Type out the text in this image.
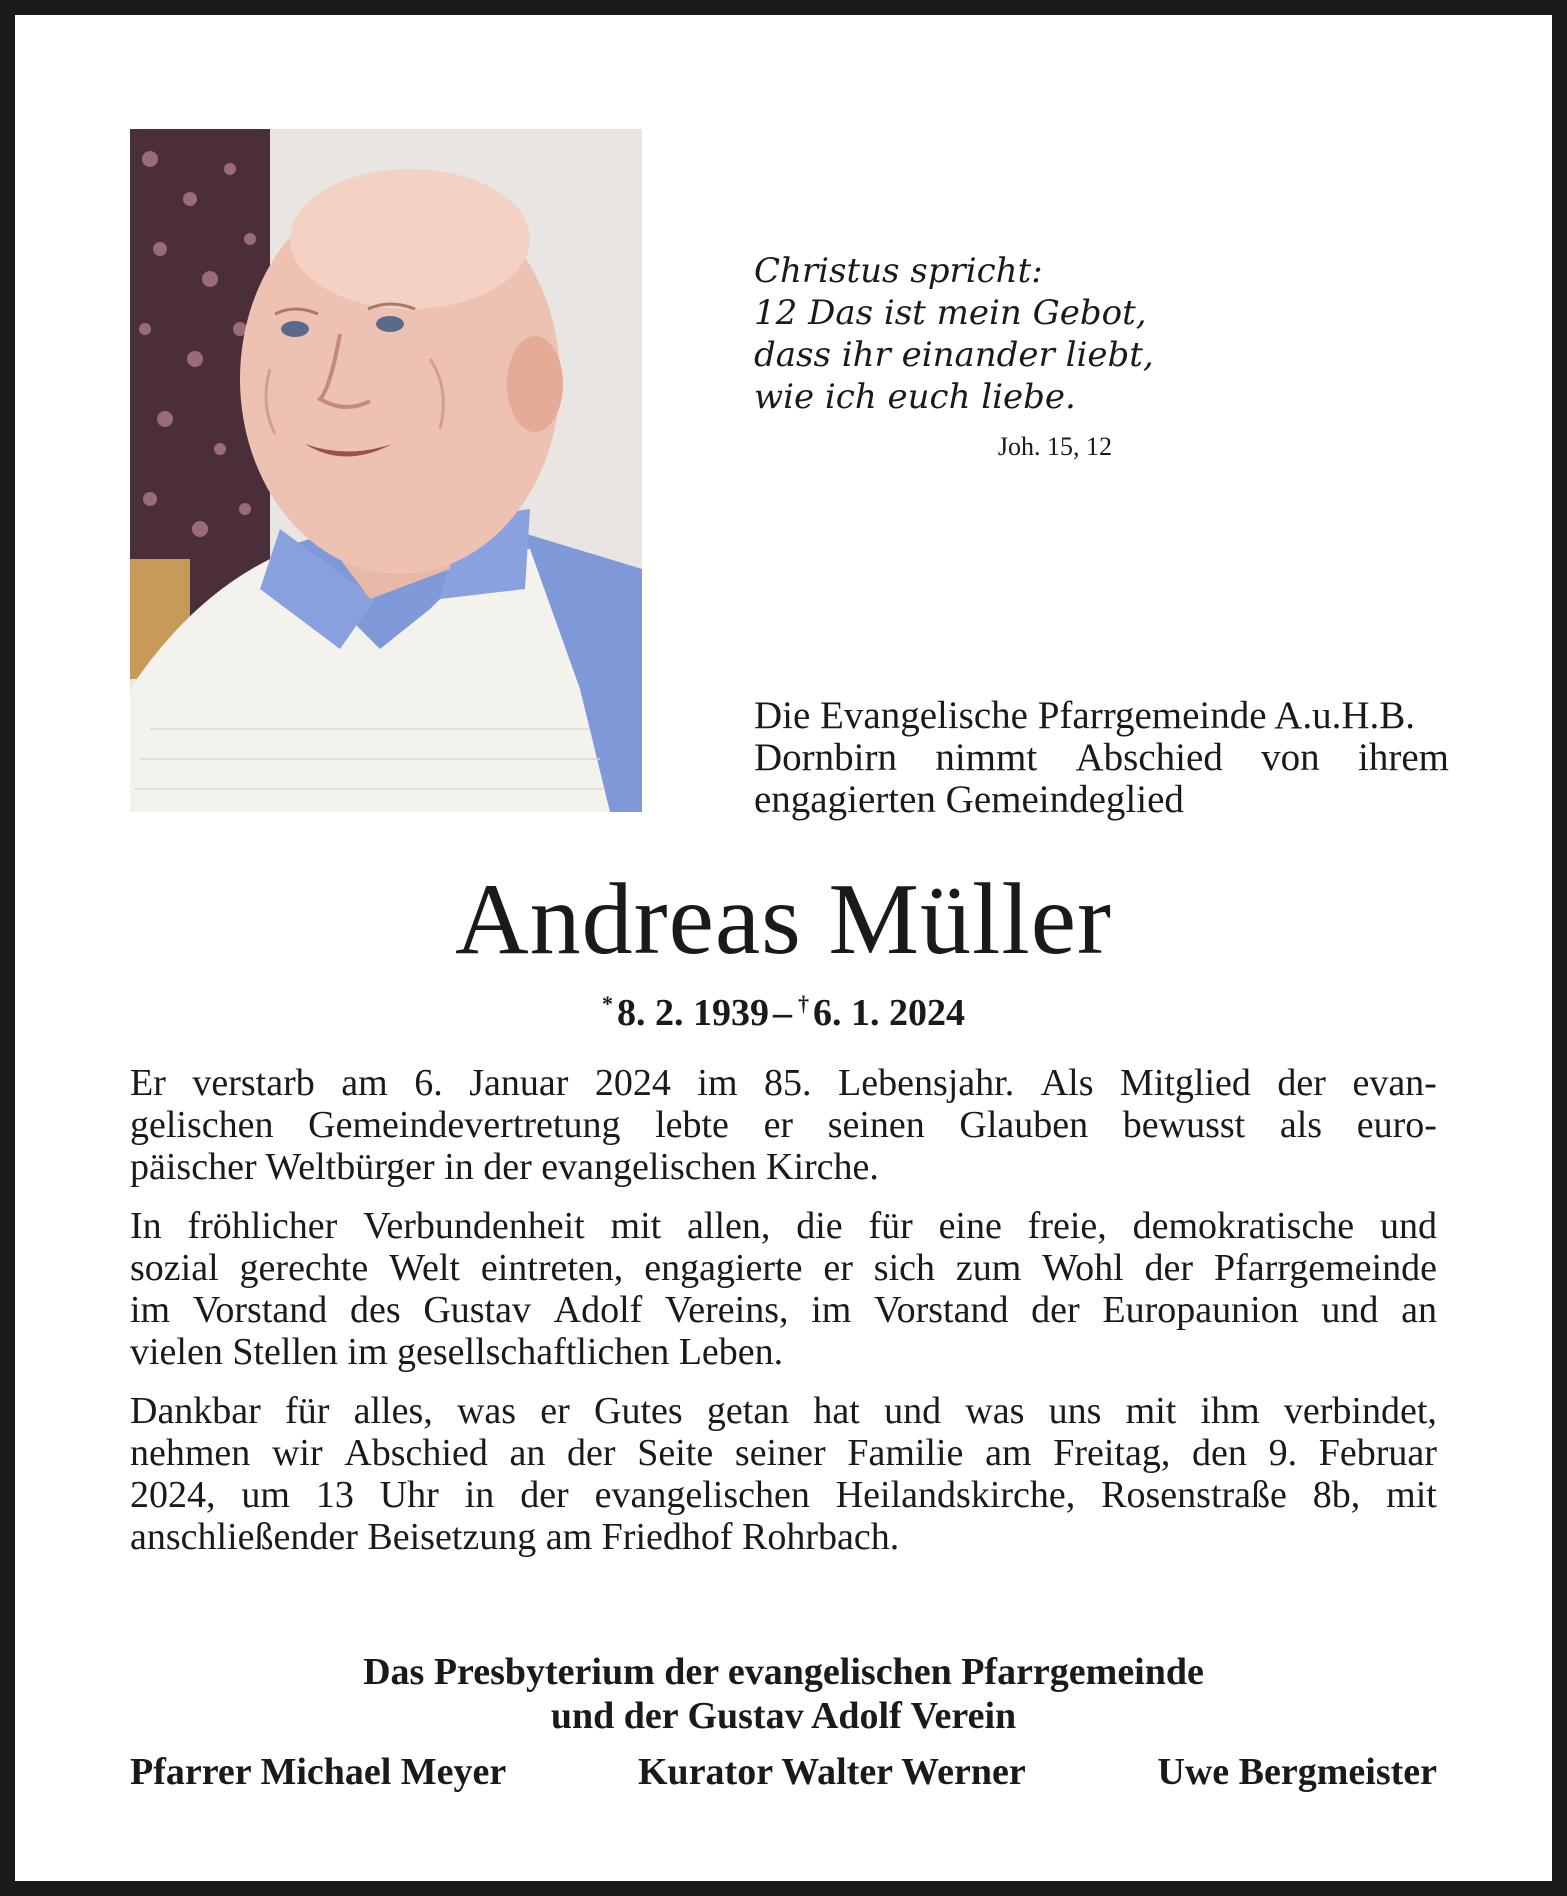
Christus spricht:
12 Das ist mein Gebot,
dass ihr einander liebt,
wie ich euch liebe.
Joh. 15, 12
Die Evangelische Pfarrgemeinde A.u.H.B.
Dornbirn nimmt Abschied von ihrem
engagierten Gemeindeglied
Andreas Müller
* 8. 2. 1939 – † 6. 1. 2024
Er verstarb am 6. Januar 2024 im 85. Lebensjahr. Als Mitglied der evan-
gelischen Gemeindevertretung lebte er seinen Glauben bewusst als euro-
päischer Weltbürger in der evangelischen Kirche.
In fröhlicher Verbundenheit mit allen, die für eine freie, demokratische und
sozial gerechte Welt eintreten, engagierte er sich zum Wohl der Pfarrgemeinde
im Vorstand des Gustav Adolf Vereins, im Vorstand der Europaunion und an
vielen Stellen im gesellschaftlichen Leben.
Dankbar für alles, was er Gutes getan hat und was uns mit ihm verbindet,
nehmen wir Abschied an der Seite seiner Familie am Freitag, den 9. Februar
2024, um 13 Uhr in der evangelischen Heilandskirche, Rosenstraße 8b, mit
anschließender Beisetzung am Friedhof Rohrbach.
Das Presbyterium der evangelischen Pfarrgemeinde
und der Gustav Adolf Verein
Pfarrer Michael Meyer	Kurator Walter Werner	Uwe Bergmeister
